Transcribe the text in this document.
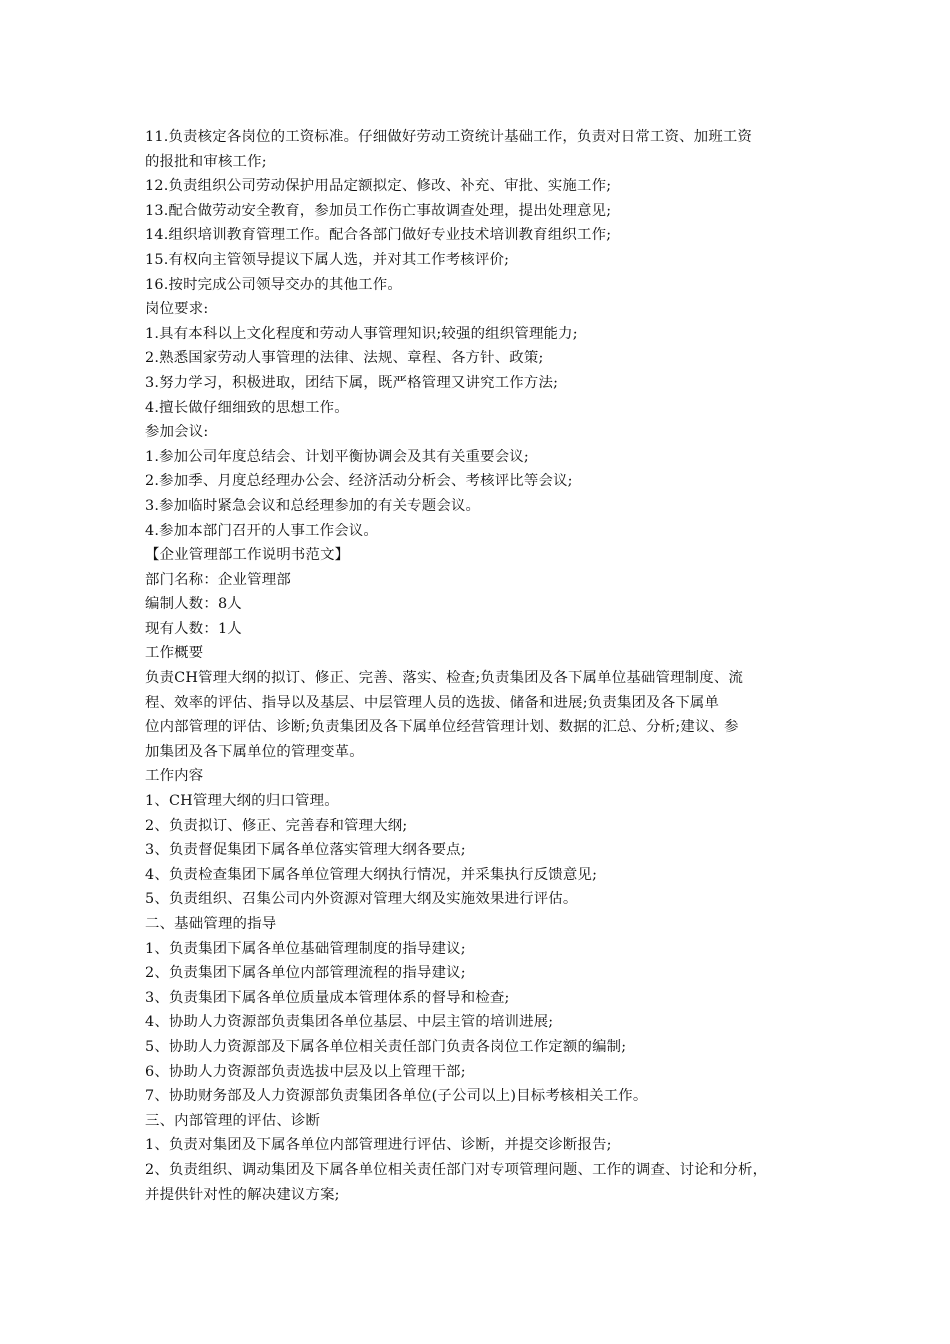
11.负责核定各岗位的工资标准。仔细做好劳动工资统计基础工作，负责对日常工资、加班工资
的报批和审核工作;
12.负责组织公司劳动保护用品定额拟定、修改、补充、审批、实施工作;
13.配合做劳动安全教育，参加员工作伤亡事故调查处理，提出处理意见;
14.组织培训教育管理工作。配合各部门做好专业技术培训教育组织工作;
15.有权向主管领导提议下属人选，并对其工作考核评价;
16.按时完成公司领导交办的其他工作。
岗位要求:
1.具有本科以上文化程度和劳动人事管理知识;较强的组织管理能力;
2.熟悉国家劳动人事管理的法律、法规、章程、各方针、政策;
3.努力学习，积极进取，团结下属，既严格管理又讲究工作方法;
4.擅长做仔细细致的思想工作。
参加会议:
1.参加公司年度总结会、计划平衡协调会及其有关重要会议;
2.参加季、月度总经理办公会、经济活动分析会、考核评比等会议;
3.参加临时紧急会议和总经理参加的有关专题会议。
4.参加本部门召开的人事工作会议。
【企业管理部工作说明书范文】
部门名称：企业管理部
编制人数：8人
现有人数：1人
工作概要
负责CH管理大纲的拟订、修正、完善、落实、检查;负责集团及各下属单位基础管理制度、流
程、效率的评估、指导以及基层、中层管理人员的选拔、储备和进展;负责集团及各下属单
位内部管理的评估、诊断;负责集团及各下属单位经营管理计划、数据的汇总、分析;建议、参
加集团及各下属单位的管理变革。
工作内容
1、CH管理大纲的归口管理。
2、负责拟订、修正、完善春和管理大纲;
3、负责督促集团下属各单位落实管理大纲各要点;
4、负责检查集团下属各单位管理大纲执行情况，并采集执行反馈意见;
5、负责组织、召集公司内外资源对管理大纲及实施效果进行评估。
二、基础管理的指导
1、负责集团下属各单位基础管理制度的指导建议;
2、负责集团下属各单位内部管理流程的指导建议;
3、负责集团下属各单位质量成本管理体系的督导和检查;
4、协助人力资源部负责集团各单位基层、中层主管的培训进展;
5、协助人力资源部及下属各单位相关责任部门负责各岗位工作定额的编制;
6、协助人力资源部负责选拔中层及以上管理干部;
7、协助财务部及人力资源部负责集团各单位(子公司以上)目标考核相关工作。
三、内部管理的评估、诊断
1、负责对集团及下属各单位内部管理进行评估、诊断，并提交诊断报告;
2、负责组织、调动集团及下属各单位相关责任部门对专项管理问题、工作的调查、讨论和分析，
并提供针对性的解决建议方案;
